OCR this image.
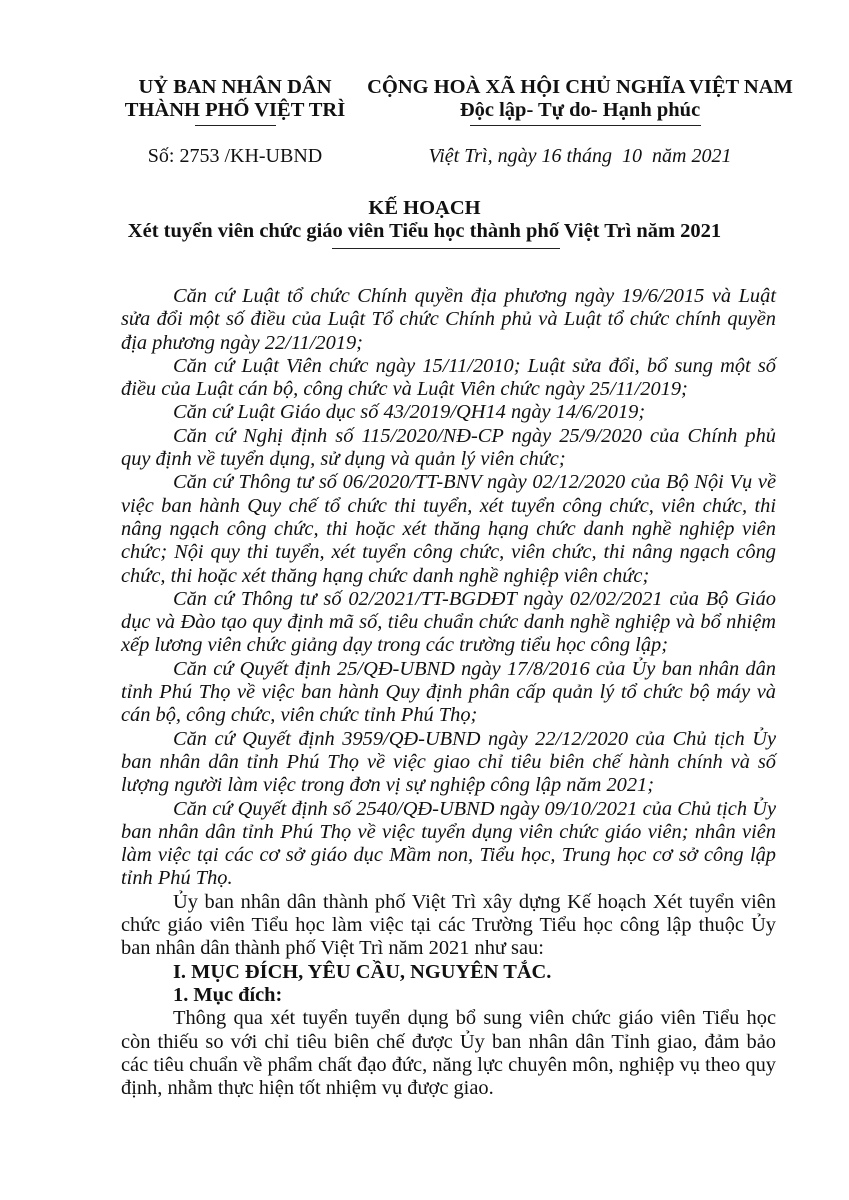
UỶ BAN NHÂN DÂN
THÀNH PHỐ VIỆT TRÌ
CỘNG HOÀ XÃ HỘI CHỦ NGHĨA VIỆT NAM
Độc lập- Tự do- Hạnh phúc
Số: 2753 /KH-UBND	Việt Trì, ngày 16 tháng  10  năm 2021
KẾ HOẠCH
Xét tuyển viên chức giáo viên Tiểu học thành phố Việt Trì năm 2021

Căn cứ Luật tổ chức Chính quyền địa phương ngày 19/6/2015 và Luật sửa đổi một số điều của Luật Tổ chức Chính phủ và Luật tổ chức chính quyền địa phương ngày 22/11/2019;

Căn cứ Luật Viên chức ngày 15/11/2010; Luật sửa đổi, bổ sung một số điều của Luật cán bộ, công chức và Luật Viên chức ngày 25/11/2019;

Căn cứ Luật Giáo dục số 43/2019/QH14 ngày 14/6/2019;

Căn cứ Nghị định số 115/2020/NĐ-CP ngày 25/9/2020 của Chính phủ quy định về tuyển dụng, sử dụng và quản lý viên chức;

Căn cứ Thông tư số 06/2020/TT-BNV ngày 02/12/2020 của Bộ Nội Vụ về việc ban hành Quy chế tổ chức thi tuyển, xét tuyển công chức, viên chức, thi nâng ngạch công chức, thi hoặc xét thăng hạng chức danh nghề nghiệp viên chức; Nội quy thi tuyển, xét tuyển công chức, viên chức, thi nâng ngạch công chức, thi hoặc xét thăng hạng chức danh nghề nghiệp viên chức;

Căn cứ Thông tư số 02/2021/TT-BGDĐT ngày 02/02/2021 của Bộ Giáo dục và Đào tạo quy định mã số, tiêu chuẩn chức danh nghề nghiệp và bổ nhiệm xếp lương viên chức giảng dạy trong các trường tiểu học công lập;

Căn cứ Quyết định 25/QĐ-UBND ngày 17/8/2016 của Ủy ban nhân dân tỉnh Phú Thọ về việc ban hành Quy định phân cấp quản lý tổ chức bộ máy và cán bộ, công chức, viên chức tỉnh Phú Thọ;

Căn cứ Quyết định 3959/QĐ-UBND ngày 22/12/2020 của Chủ tịch Ủy ban nhân dân tỉnh Phú Thọ về việc giao chỉ tiêu biên chế hành chính và số lượng người làm việc trong đơn vị sự nghiệp công lập năm 2021;

Căn cứ Quyết định số 2540/QĐ-UBND ngày 09/10/2021 của Chủ tịch Ủy ban nhân dân tỉnh Phú Thọ về việc tuyển dụng viên chức giáo viên; nhân viên làm việc tại các cơ sở giáo dục Mầm non, Tiểu học, Trung học cơ sở công lập tỉnh Phú Thọ.

Ủy ban nhân dân thành phố Việt Trì xây dựng Kế hoạch Xét tuyển viên chức giáo viên Tiểu học làm việc tại các Trường Tiểu học công lập thuộc Ủy ban nhân dân thành phố Việt Trì năm 2021 như sau:

I. MỤC ĐÍCH, YÊU CẦU, NGUYÊN TẮC.

1. Mục đích:

Thông qua xét tuyển tuyển dụng bổ sung viên chức giáo viên Tiểu học còn thiếu so với chỉ tiêu biên chế được Ủy ban nhân dân Tỉnh giao, đảm bảo các tiêu chuẩn về phẩm chất đạo đức, năng lực chuyên môn, nghiệp vụ theo quy định, nhằm thực hiện tốt nhiệm vụ được giao.
